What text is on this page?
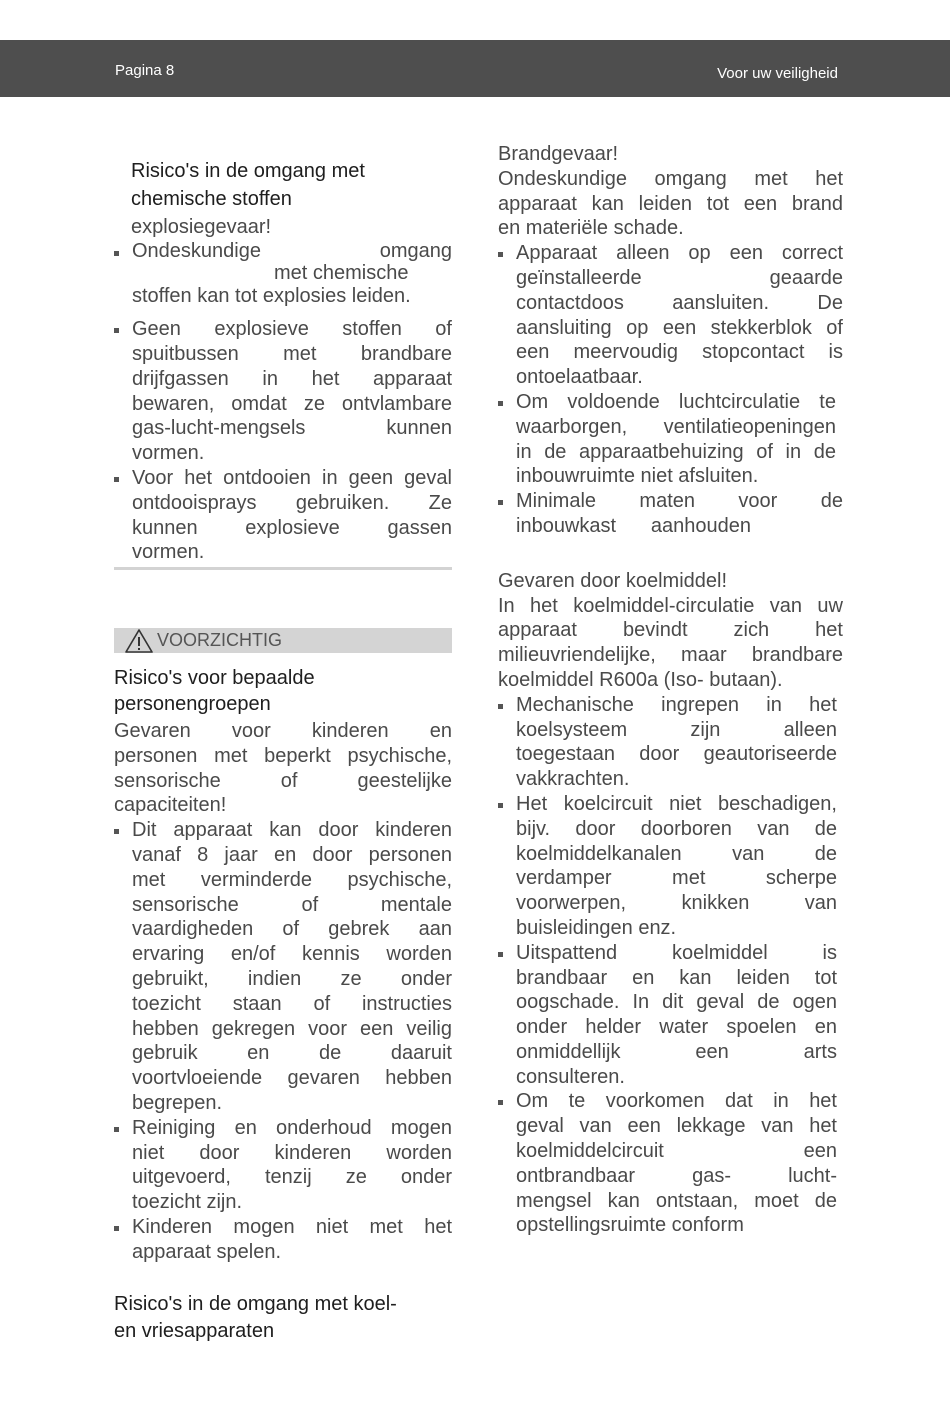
Pagina 8	Voor uw veiligheid

Risico's in de omgang met

chemische stoffen

explosiegevaar!

Ondeskundige	omgang
met chemische
stoffen kan tot explosies leiden.
Geen explosieve stoffen of
spuitbussen met brandbare
drijfgassen in het apparaat
bewaren, omdat ze ontvlambare
gas-lucht-mengsels kunnen
vormen.
Voor het ontdooien in geen geval
ontdooisprays gebruiken. Ze
kunnen explosieve gassen
vormen.
VOORZICHTIG

Risico's voor bepaalde

personengroepen

Gevaren voor kinderen en
personen met beperkt psychische,
sensorische of geestelijke
capaciteiten!
Dit apparaat kan door kinderen
vanaf 8 jaar en door personen
met verminderde psychische,
sensorische of mentale
vaardigheden of gebrek aan
ervaring en/of kennis worden
gebruikt, indien ze onder
toezicht staan of instructies
hebben gekregen voor een veilig
gebruik en de daaruit
voortvloeiende gevaren hebben
begrepen.
Reiniging en onderhoud mogen
niet door kinderen worden
uitgevoerd, tenzij ze onder
toezicht zijn.
Kinderen mogen niet met het
apparaat spelen.

Risico's in de omgang met koel-

en vriesapparaten

Brandgevaar!

Ondeskundige omgang met het
apparaat kan leiden tot een brand
en materiële schade.
Apparaat alleen op een correct
geïnstalleerde geaarde
contactdoos aansluiten. De
aansluiting op een stekkerblok of
een meervoudig stopcontact is
ontoelaatbaar.
Om voldoende luchtcirculatie te
waarborgen, ventilatieopeningen
in de apparaatbehuizing of in de
inbouwruimte niet afsluiten.
Minimale maten voor de
inbouwkast aanhouden

Gevaren door koelmiddel!

In het koelmiddel-circulatie van uw
apparaat bevindt zich het
milieuvriendelijke, maar brandbare
koelmiddel R600a (Iso- butaan).
Mechanische ingrepen in het
koelsysteem zijn alleen
toegestaan door geautoriseerde
vakkrachten.
Het koelcircuit niet beschadigen,
bijv. door doorboren van de
koelmiddelkanalen van de
verdamper met scherpe
voorwerpen, knikken van
buisleidingen enz.
Uitspattend koelmiddel is
brandbaar en kan leiden tot
oogschade. In dit geval de ogen
onder helder water spoelen en
onmiddellijk een arts
consulteren.
Om te voorkomen dat in het
geval van een lekkage van het
koelmiddelcircuit een
ontbrandbaar gas- lucht-
mengsel kan ontstaan, moet de
opstellingsruimte conform
